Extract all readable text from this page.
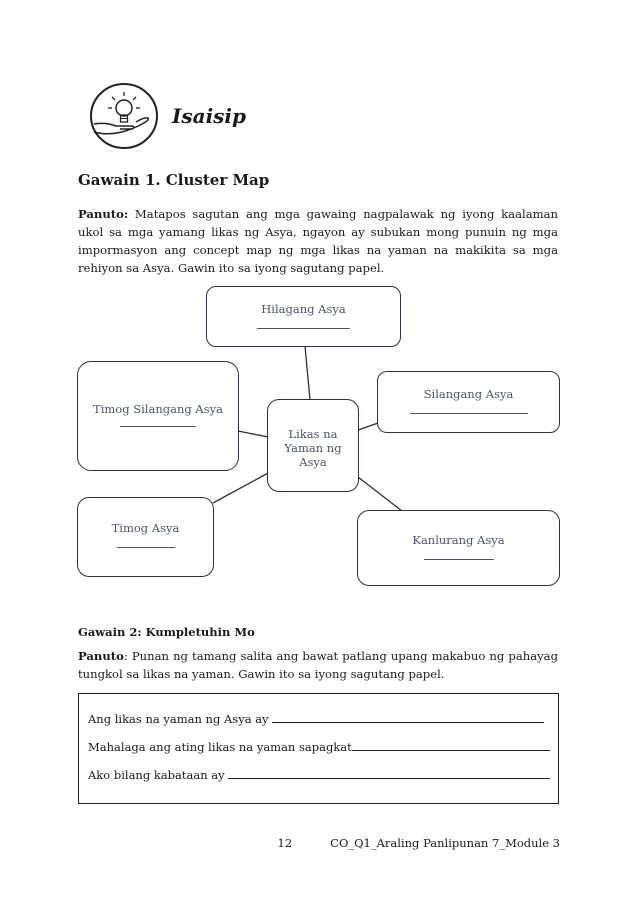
Isaisip
Gawain 1. Cluster Map
Panuto: Matapos sagutan ang mga gawaing nagpalawak ng iyong kaalaman ukol sa mga yamang likas ng Asya, ngayon ay subukan mong punuin ng mga impormasyon ang concept map ng mga likas na yaman na makikita sa mga rehiyon sa Asya. Gawin ito sa iyong sagutang papel.
Hilagang Asya
Silangang Asya
Timog Silangang Asya
Likas na Yaman ng Asya
Timog Asya
Kanlurang Asya
Gawain 2: Kumpletuhin Mo
Panuto: Punan ng tamang salita ang bawat patlang upang makabuo ng pahayag tungkol sa likas na yaman. Gawin ito sa iyong sagutang papel.
Ang likas na yaman ng Asya ay
Mahalaga ang ating likas na yaman sapagkat
Ako bilang kabataan ay
12	CO_Q1_Araling Panlipunan 7_Module 3
